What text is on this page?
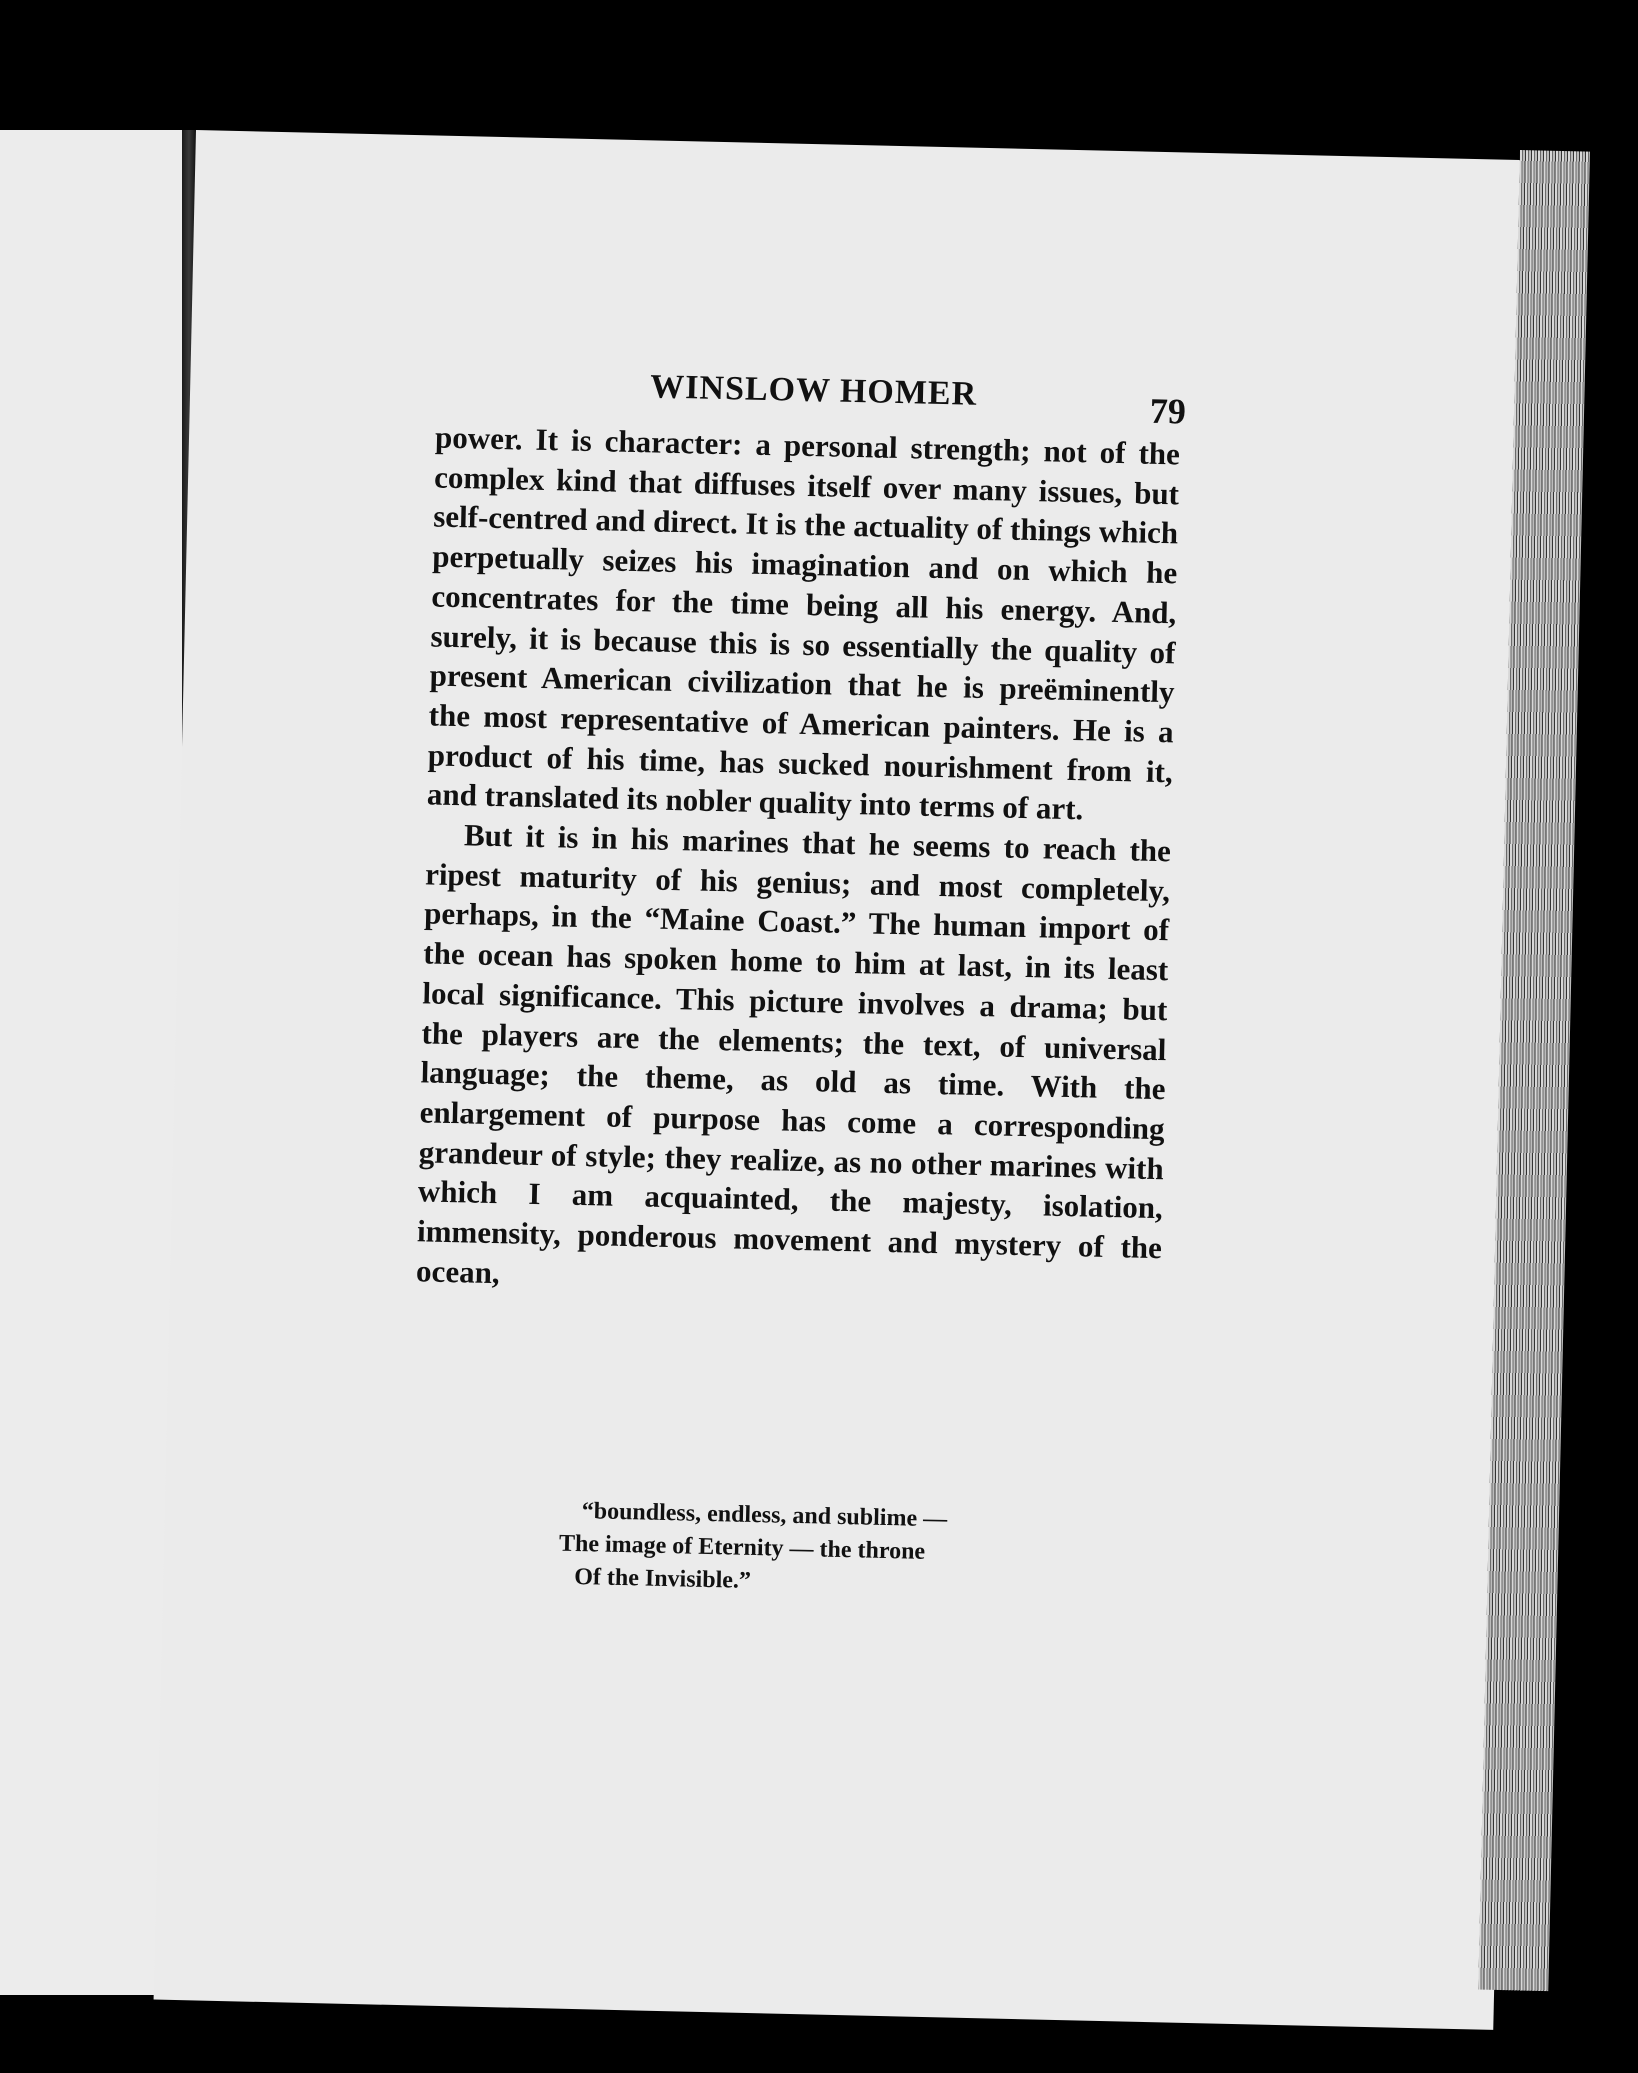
WINSLOW HOMER	79

power. It is character: a personal strength; not of the complex kind that diffuses itself over many issues, but self-centred and direct. It is the actuality of things which perpetually seizes his imagination and on which he concentrates for the time being all his energy. And, surely, it is because this is so essentially the quality of present American civilization that he is preëminently the most representative of American painters. He is a product of his time, has sucked nourishment from it, and translated its nobler quality into terms of art.

But it is in his marines that he seems to reach the ripest maturity of his genius; and most completely, perhaps, in the “Maine Coast.” The human import of the ocean has spoken home to him at last, in its least local significance. This picture involves a drama; but the players are the elements; the text, of universal language; the theme, as old as time. With the enlargement of purpose has come a corresponding grandeur of style; they realize, as no other marines with which I am acquainted, the majesty, isolation, immensity, ponderous movement and mystery of the ocean,

“boundless, endless, and sublime —
The image of Eternity — the throne
Of the Invisible.”
